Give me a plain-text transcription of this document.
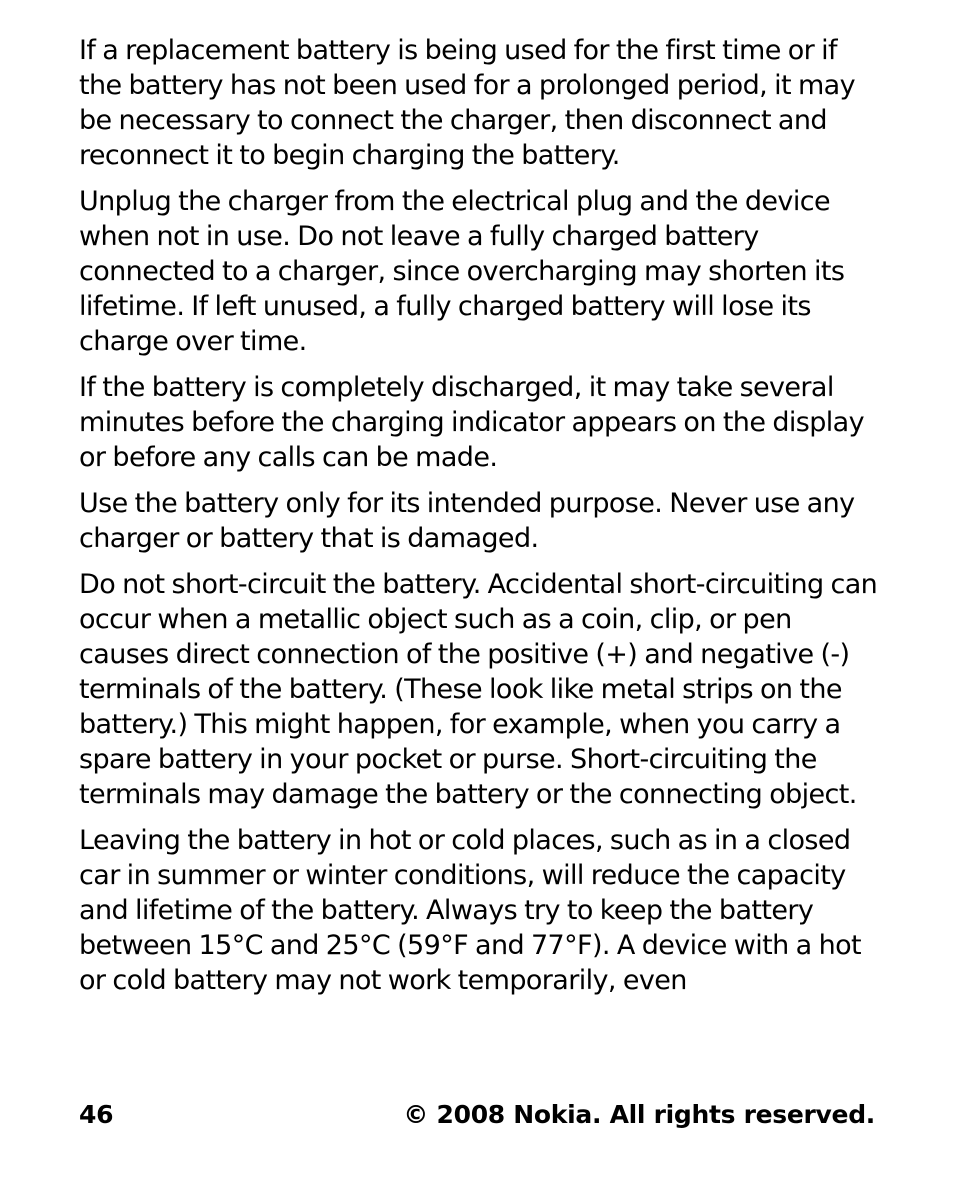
If a replacement battery is being used for the first time or if the battery has not been used for a prolonged period, it may be necessary to connect the charger, then disconnect and reconnect it to begin charging the battery.

Unplug the charger from the electrical plug and the device when not in use. Do not leave a fully charged battery connected to a charger, since overcharging may shorten its lifetime. If left unused, a fully charged battery will lose its charge over time.

If the battery is completely discharged, it may take several minutes before the charging indicator appears on the display or before any calls can be made.

Use the battery only for its intended purpose. Never use any charger or battery that is damaged.

Do not short-circuit the battery. Accidental short-circuiting can occur when a metallic object such as a coin, clip, or pen causes direct connection of the positive (+) and negative (-) terminals of the battery. (These look like metal strips on the battery.) This might happen, for example, when you carry a spare battery in your pocket or purse. Short-circuiting the terminals may damage the battery or the connecting object.

Leaving the battery in hot or cold places, such as in a closed car in summer or winter conditions, will reduce the capacity and lifetime of the battery. Always try to keep the battery between 15°C and 25°C (59°F and 77°F). A device with a hot or cold battery may not work temporarily, even

46	© 2008 Nokia. All rights reserved.
